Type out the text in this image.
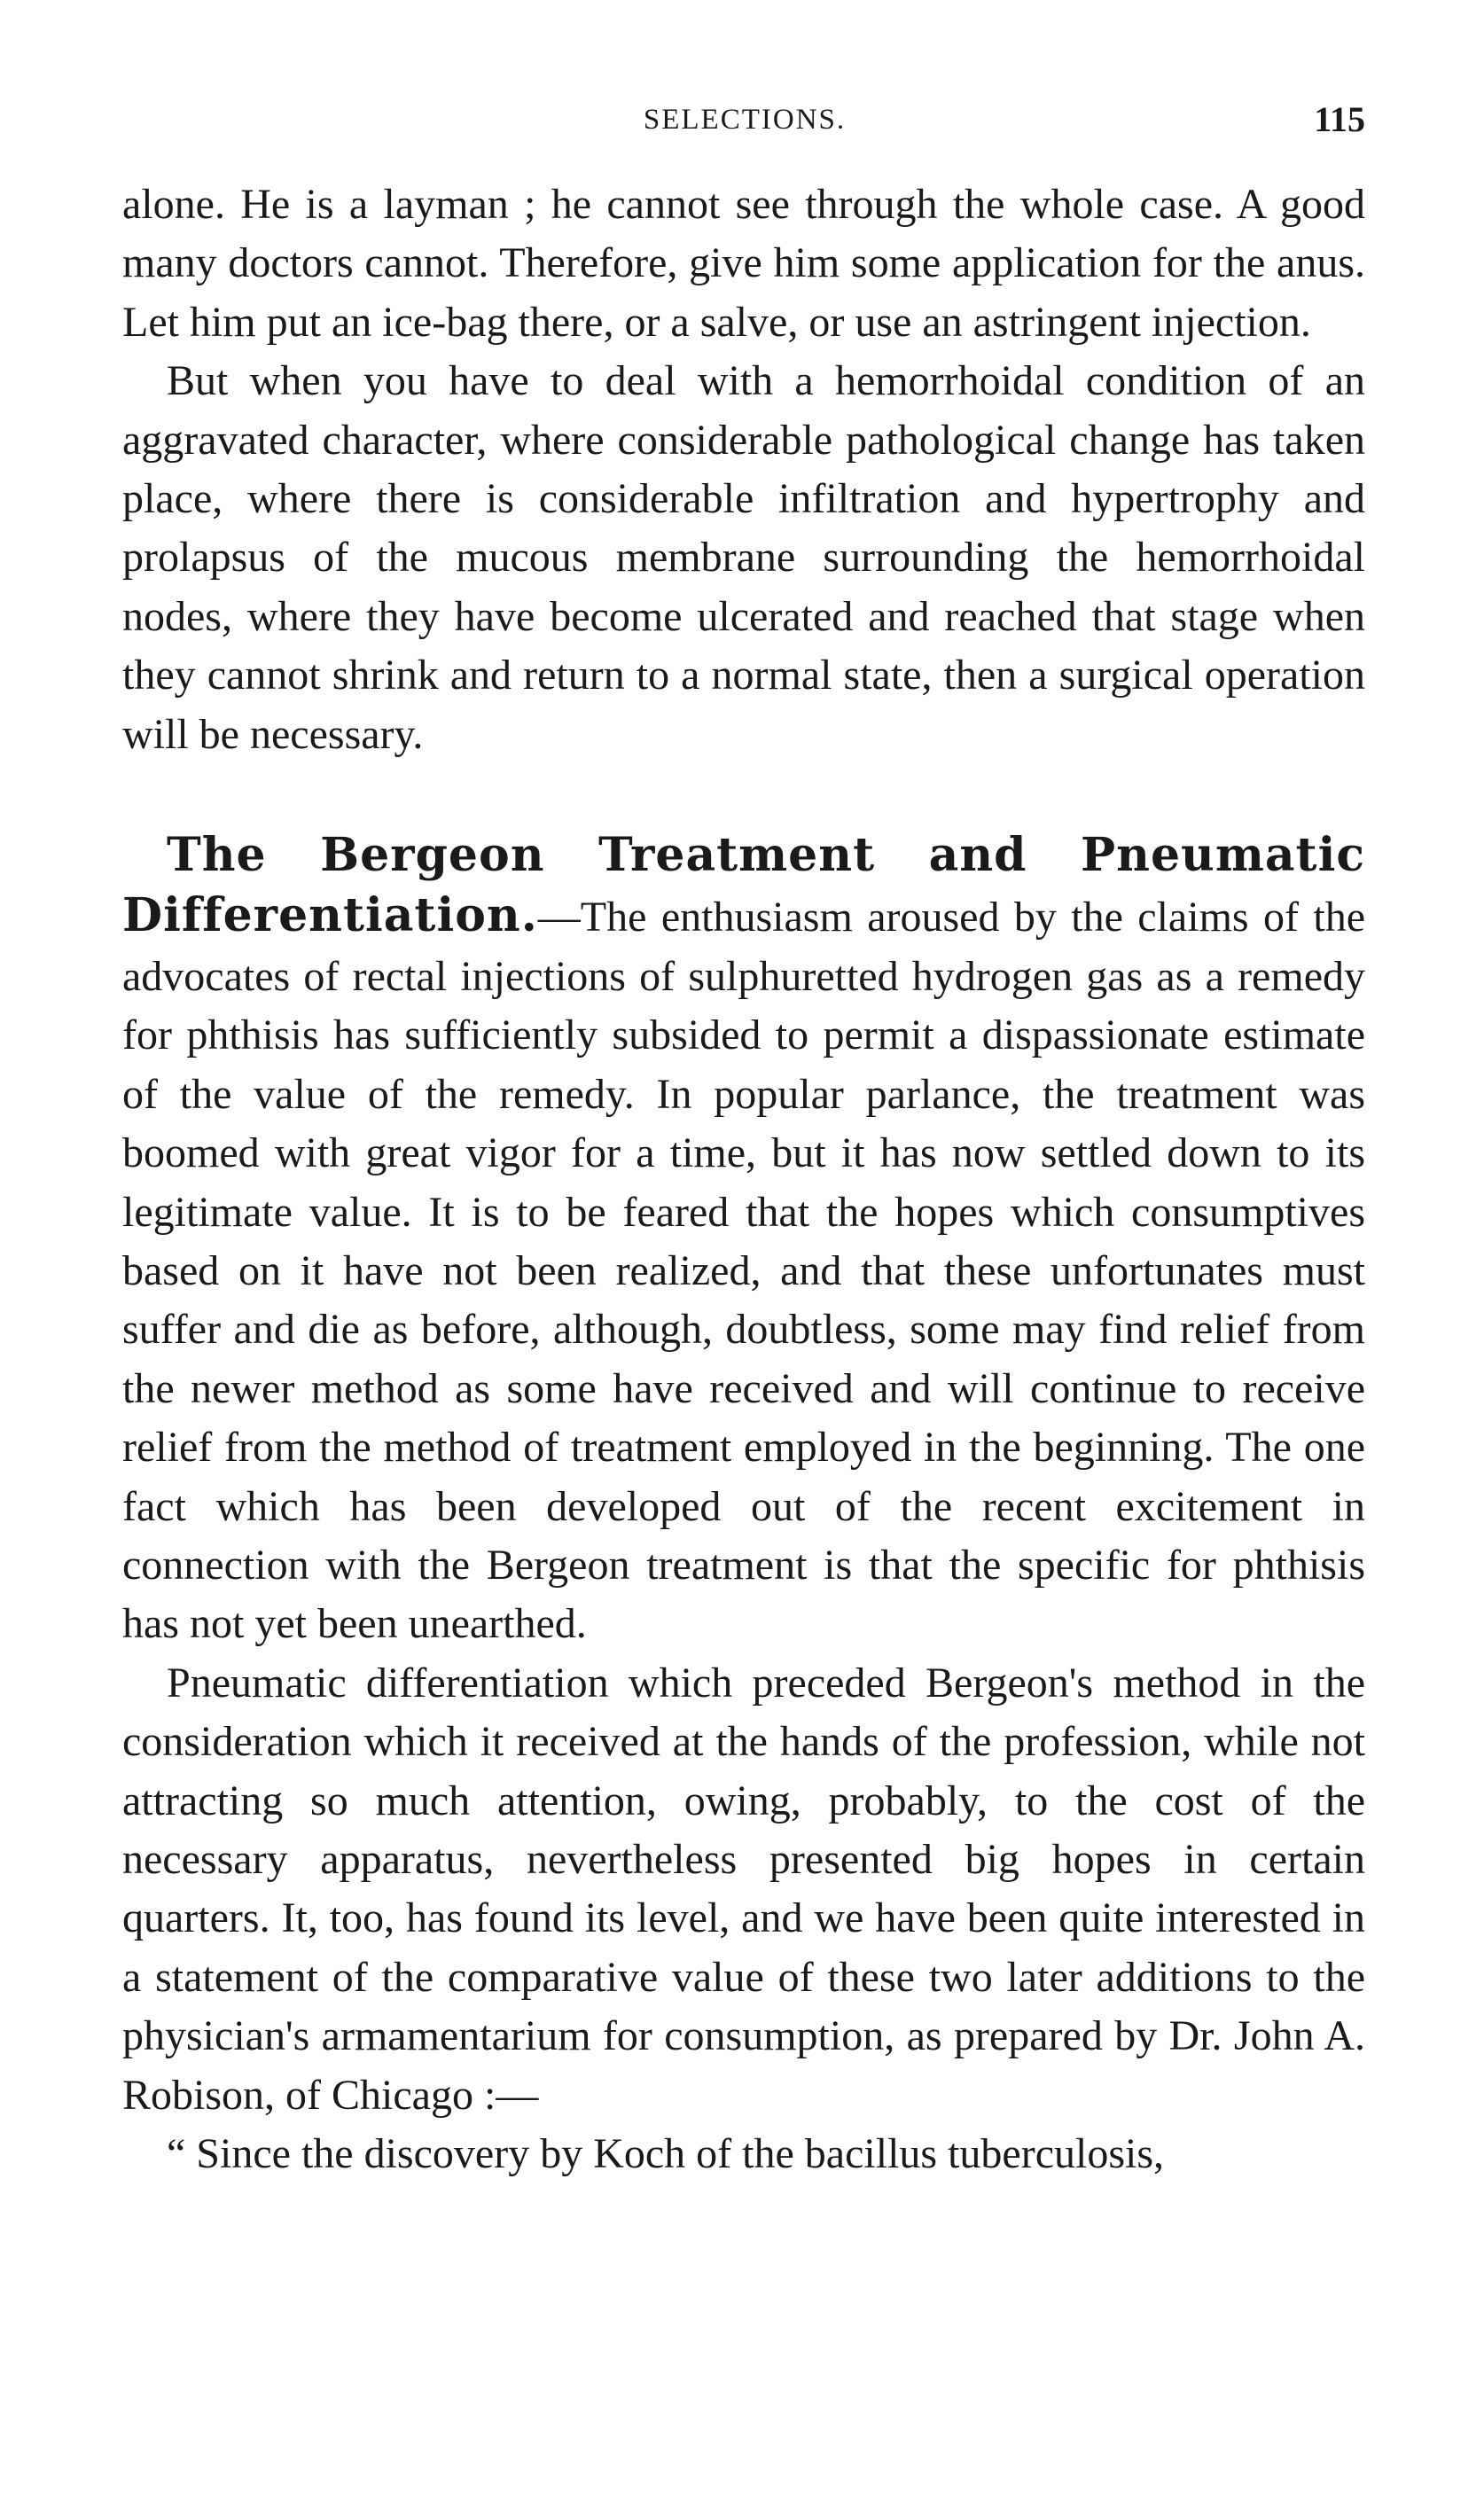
SELECTIONS.	115

alone. He is a layman ; he cannot see through the whole case. A good many doctors cannot. Therefore, give him some application for the anus. Let him put an ice-bag there, or a salve, or use an astringent injection.

But when you have to deal with a hemorrhoidal condition of an aggravated character, where considerable pathological change has taken place, where there is considerable infiltration and hypertrophy and prolapsus of the mucous membrane surrounding the hemorrhoidal nodes, where they have become ulcerated and reached that stage when they cannot shrink and return to a normal state, then a surgical operation will be necessary.

The Bergeon Treatment and Pneumatic Differentiation.—The enthusiasm aroused by the claims of the advocates of rectal injections of sulphuretted hydrogen gas as a remedy for phthisis has sufficiently subsided to permit a dispassionate estimate of the value of the remedy. In popular parlance, the treatment was boomed with great vigor for a time, but it has now settled down to its legitimate value. It is to be feared that the hopes which consumptives based on it have not been realized, and that these unfortunates must suffer and die as before, although, doubtless, some may find relief from the newer method as some have received and will continue to receive relief from the method of treatment employed in the beginning. The one fact which has been developed out of the recent excitement in connection with the Bergeon treatment is that the specific for phthisis has not yet been unearthed.

Pneumatic differentiation which preceded Bergeon's method in the consideration which it received at the hands of the profession, while not attracting so much attention, owing, probably, to the cost of the necessary apparatus, nevertheless presented big hopes in certain quarters. It, too, has found its level, and we have been quite interested in a statement of the comparative value of these two later additions to the physician's armamentarium for consumption, as prepared by Dr. John A. Robison, of Chicago :—

“ Since the discovery by Koch of the bacillus tuberculosis,
